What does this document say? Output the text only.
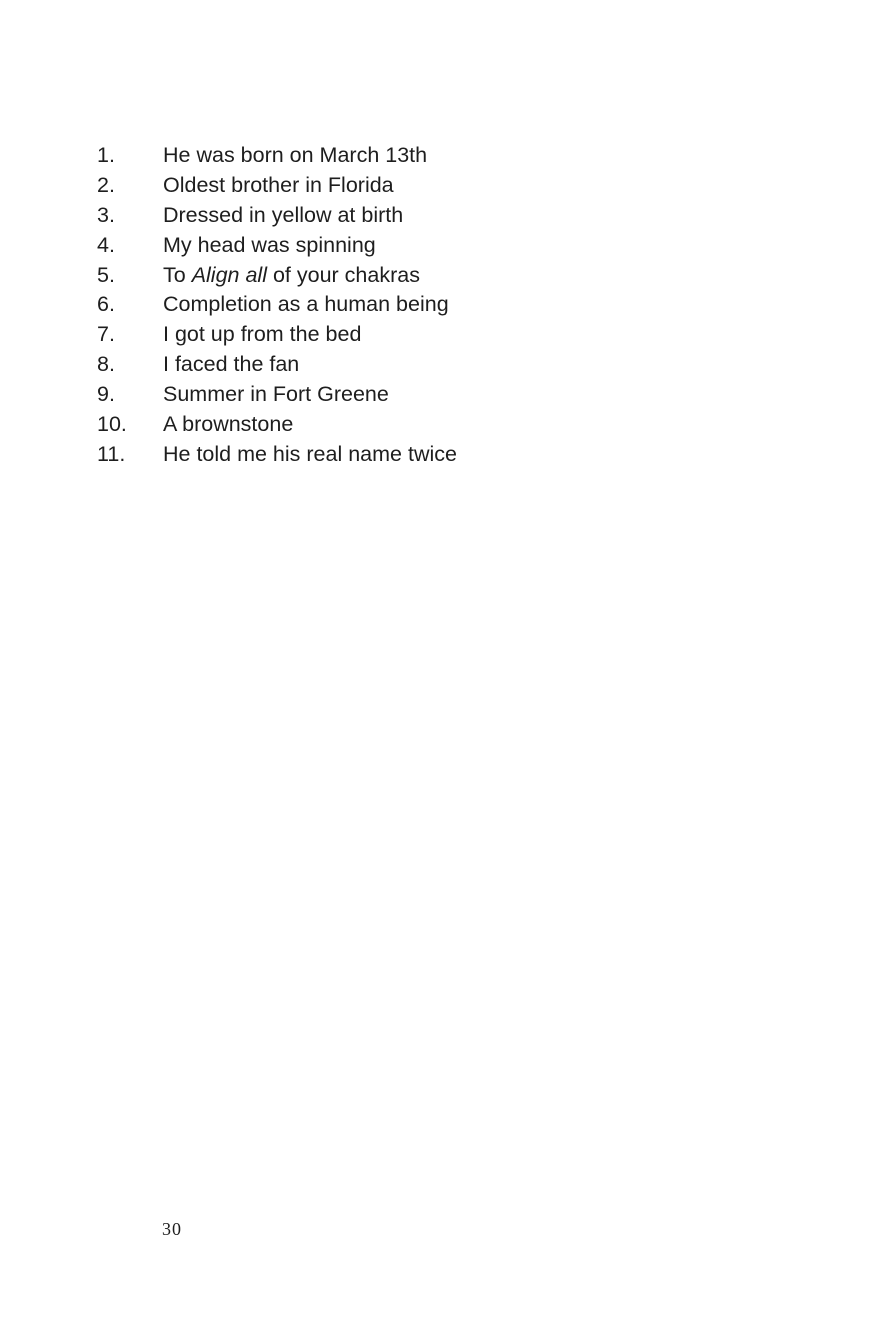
1.	He was born on March 13th
2.	Oldest brother in Florida
3.	Dressed in yellow at birth
4.	My head was spinning
5.	To Align all of your chakras
6.	Completion as a human being
7.	I got up from the bed
8.	I faced the fan
9.	Summer in Fort Greene
10.	A brownstone
11.	He told me his real name twice
30
